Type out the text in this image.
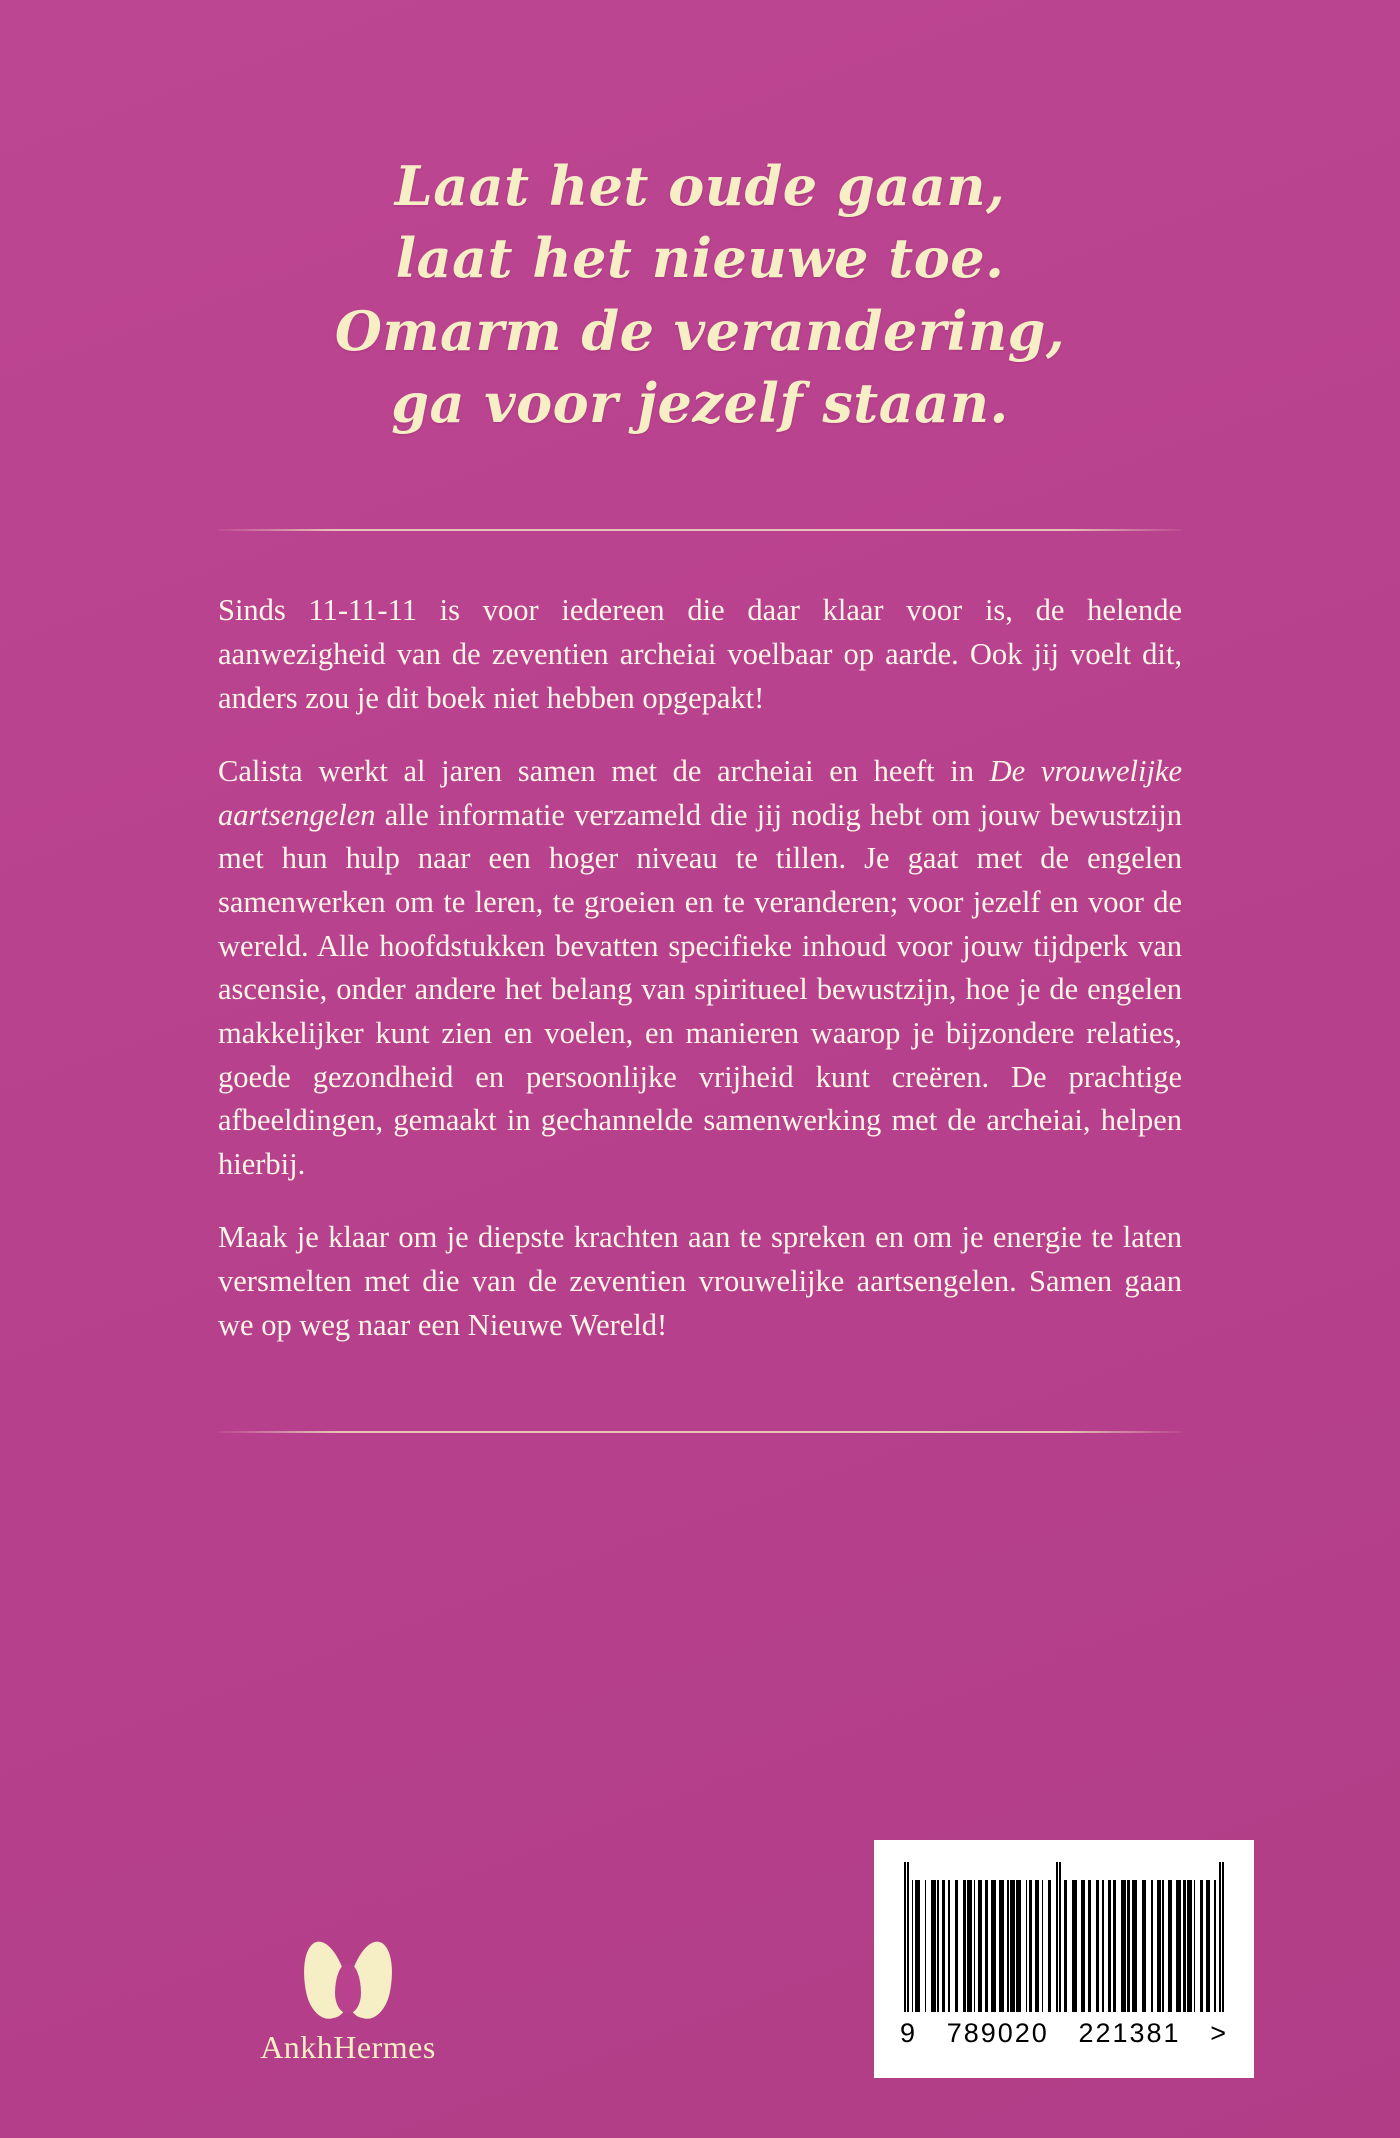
Laat het oude gaan,
laat het nieuwe toe.
Omarm de verandering,
ga voor jezelf staan.

Sinds 11-11-11 is voor iedereen die daar klaar voor is, de helende aanwezigheid van de zeventien archeiai voelbaar op aarde. Ook jij voelt dit, anders zou je dit boek niet hebben opgepakt!

Calista werkt al jaren samen met de archeiai en heeft in De vrouwelijke aartsengelen alle informatie verzameld die jij nodig hebt om jouw bewustzijn met hun hulp naar een hoger niveau te tillen. Je gaat met de engelen samenwerken om te leren, te groeien en te veranderen; voor jezelf en voor de wereld. Alle hoofdstukken bevatten specifieke inhoud voor jouw tijdperk van ascensie, onder andere het belang van spiritueel bewustzijn, hoe je de engelen makkelijker kunt zien en voelen, en manieren waarop je bijzondere relaties, goede gezondheid en persoonlijke vrijheid kunt creëren. De prachtige afbeeldingen, gemaakt in gechannelde samenwerking met de archeiai, helpen hierbij.

Maak je klaar om je diepste krachten aan te spreken en om je energie te laten versmelten met die van de zeventien vrouwelijke aartsengelen. Samen gaan we op weg naar een Nieuwe Wereld!

AnkhHermes	9 789020 221381 >
